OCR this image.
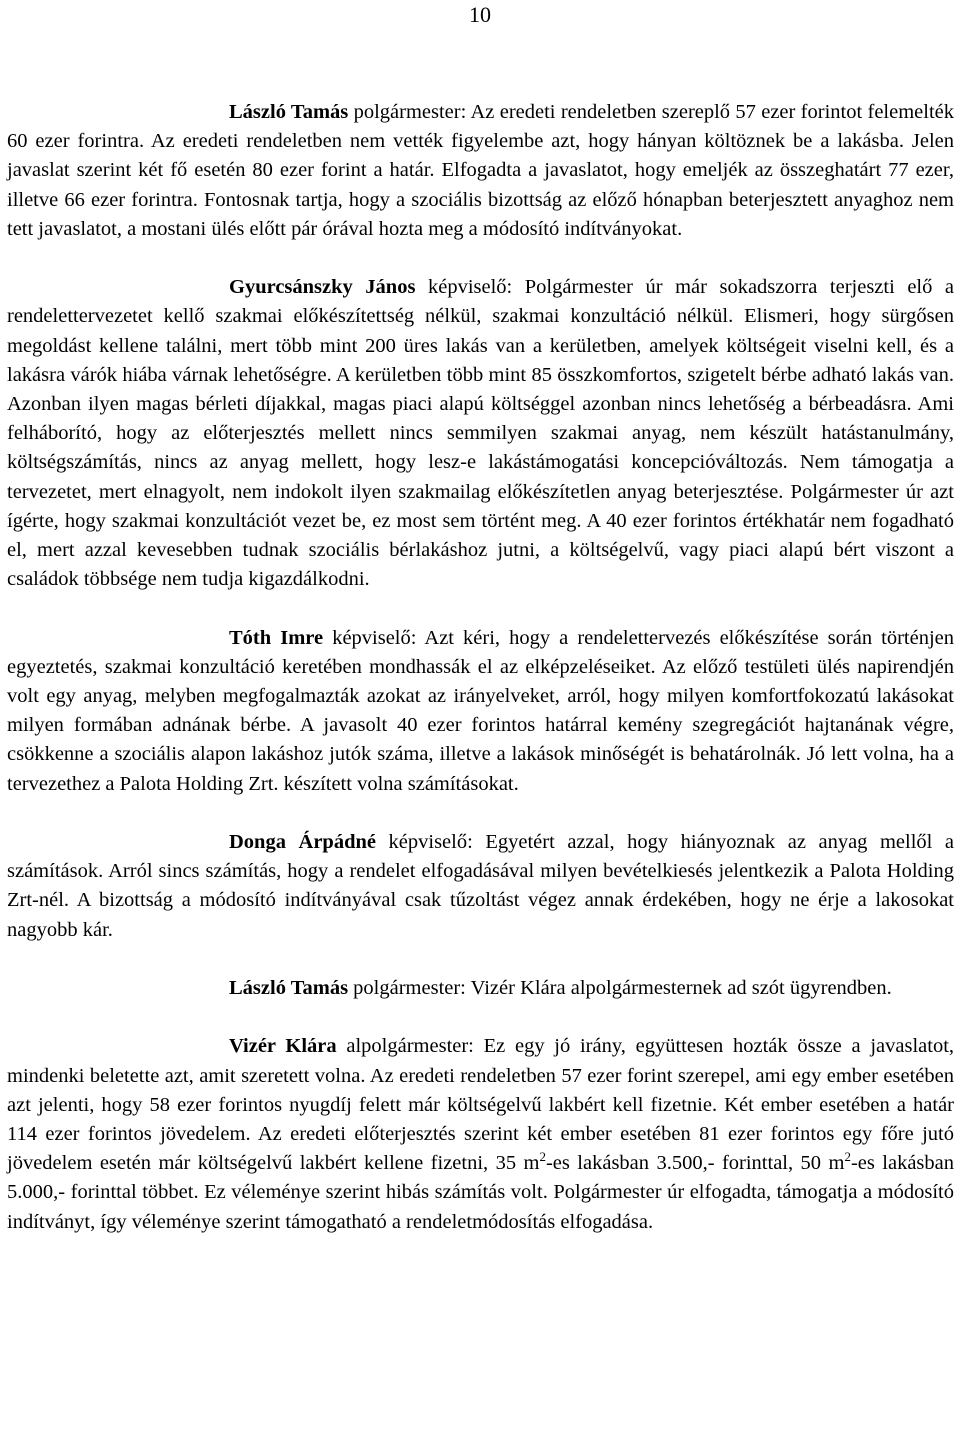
10

László Tamás polgármester: Az eredeti rendeletben szereplő 57 ezer forintot felemelték 60 ezer forintra. Az eredeti rendeletben nem vették figyelembe azt, hogy hányan költöznek be a lakásba. Jelen javaslat szerint két fő esetén 80 ezer forint a határ. Elfogadta a javaslatot, hogy emeljék az összeghatárt 77 ezer, illetve 66 ezer forintra. Fontosnak tartja, hogy a szociális bizottság az előző hónapban beterjesztett anyaghoz nem tett javaslatot, a mostani ülés előtt pár órával hozta meg a módosító indítványokat.

Gyurcsánszky János képviselő: Polgármester úr már sokadszorra terjeszti elő a rendelettervezetet kellő szakmai előkészítettség nélkül, szakmai konzultáció nélkül. Elismeri, hogy sürgősen megoldást kellene találni, mert több mint 200 üres lakás van a kerületben, amelyek költségeit viselni kell, és a lakásra várók hiába várnak lehetőségre. A kerületben több mint 85 összkomfortos, szigetelt bérbe adható lakás van. Azonban ilyen magas bérleti díjakkal, magas piaci alapú költséggel azonban nincs lehetőség a bérbeadásra. Ami felháborító, hogy az előterjesztés mellett nincs semmilyen szakmai anyag, nem készült hatástanulmány, költségszámítás, nincs az anyag mellett, hogy lesz-e lakástámogatási koncepcióváltozás. Nem támogatja a tervezetet, mert elnagyolt, nem indokolt ilyen szakmailag előkészítetlen anyag beterjesztése. Polgármester úr azt ígérte, hogy szakmai konzultációt vezet be, ez most sem történt meg. A 40 ezer forintos értékhatár nem fogadható el, mert azzal kevesebben tudnak szociális bérlakáshoz jutni, a költségelvű, vagy piaci alapú bért viszont a családok többsége nem tudja kigazdálkodni.

Tóth Imre képviselő: Azt kéri, hogy a rendelettervezés előkészítése során történjen egyeztetés, szakmai konzultáció keretében mondhassák el az elképzeléseiket. Az előző testületi ülés napirendjén volt egy anyag, melyben megfogalmazták azokat az irányelveket, arról, hogy milyen komfortfokozatú lakásokat milyen formában adnának bérbe. A javasolt 40 ezer forintos határral kemény szegregációt hajtanának végre, csökkenne a szociális alapon lakáshoz jutók száma, illetve a lakások minőségét is behatárolnák. Jó lett volna, ha a tervezethez a Palota Holding Zrt. készített volna számításokat.

Donga Árpádné képviselő: Egyetért azzal, hogy hiányoznak az anyag mellől a számítások. Arról sincs számítás, hogy a rendelet elfogadásával milyen bevételkiesés jelentkezik a Palota Holding Zrt-nél. A bizottság a módosító indítványával csak tűzoltást végez annak érdekében, hogy ne érje a lakosokat nagyobb kár.

László Tamás polgármester: Vizér Klára alpolgármesternek ad szót ügyrendben.

Vizér Klára alpolgármester: Ez egy jó irány, együttesen hozták össze a javaslatot, mindenki beletette azt, amit szeretett volna. Az eredeti rendeletben 57 ezer forint szerepel, ami egy ember esetében azt jelenti, hogy 58 ezer forintos nyugdíj felett már költségelvű lakbért kell fizetnie. Két ember esetében a határ 114 ezer forintos jövedelem. Az eredeti előterjesztés szerint két ember esetében 81 ezer forintos egy főre jutó jövedelem esetén már költségelvű lakbért kellene fizetni, 35 $m^2-es$ lakásban 3.500,- forinttal, 50 $m^2-es$ lakásban 5.000,- forinttal többet. Ez véleménye szerint hibás számítás volt. Polgármester úr elfogadta, támogatja a módosító indítványt, így véleménye szerint támogatható a rendeletmódosítás elfogadása.
